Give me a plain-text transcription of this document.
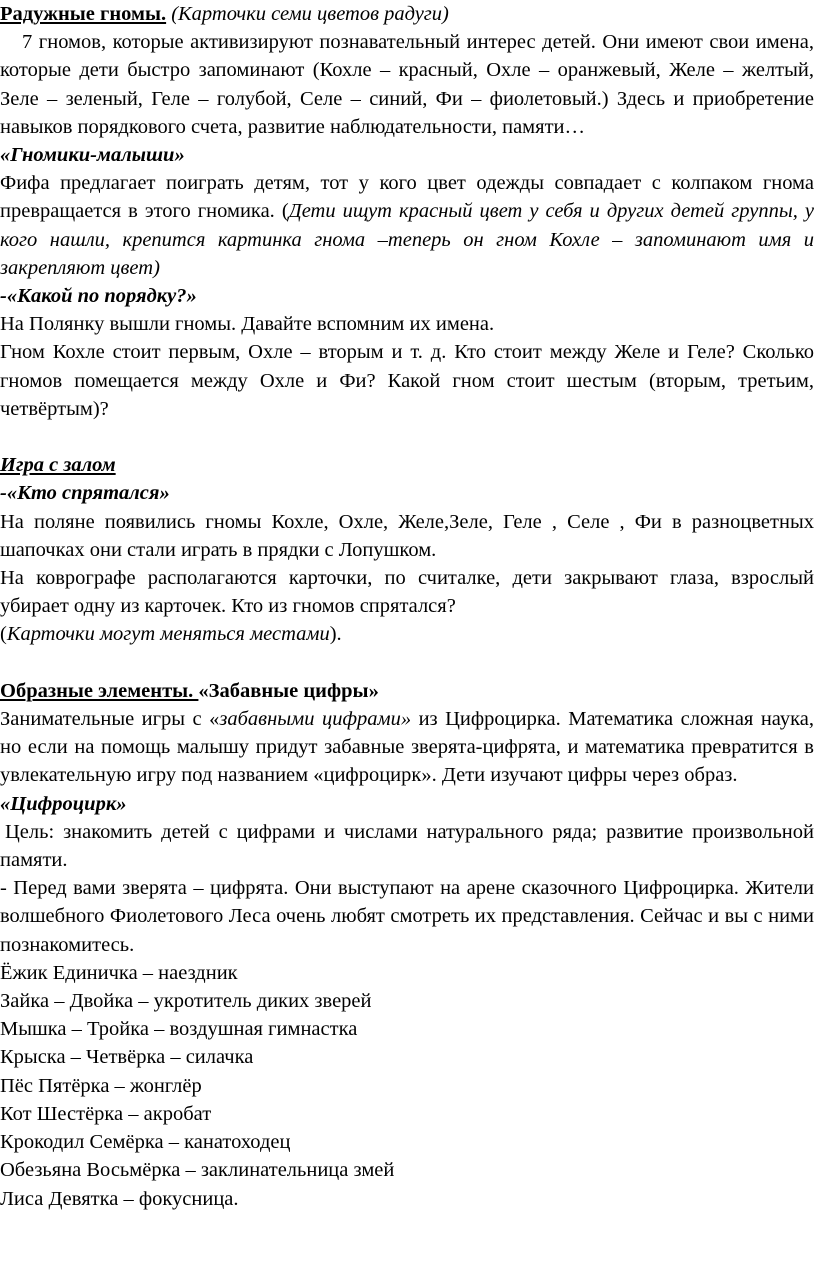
Радужные гномы. (Карточки семи цветов радуги)

7 гномов, которые активизируют познавательный интерес детей. Они имеют свои имена, которые дети быстро запоминают (Кохле – красный, Охле – оранжевый, Желе – желтый, Зеле – зеленый, Геле – голубой, Селе – синий, Фи – фиолетовый.) Здесь и приобретение навыков порядкового счета, развитие наблюдательности, памяти…

«Гномики-малыши»

Фифа предлагает поиграть детям, тот у кого цвет одежды совпадает с колпаком гнома превращается в этого гномика. (Дети ищут красный цвет у себя и других детей группы, у кого нашли, крепится картинка гнома –теперь он гном Кохле – запоминают имя и закрепляют цвет)

-«Какой по порядку?»

На Полянку вышли гномы. Давайте вспомним их имена.

Гном Кохле стоит первым, Охле – вторым и т. д. Кто стоит между Желе и Геле? Сколько гномов помещается между Охле и Фи? Какой гном стоит шестым (вторым, третьим, четвёртым)?

Игра с залом

-«Кто спрятался»

На поляне появились гномы Кохле, Охле, Желе,Зеле, Геле , Селе , Фи в разноцветных шапочках они стали играть в прядки с Лопушком.

На коврографе располагаются карточки, по считалке, дети закрывают глаза, взрослый убирает одну из карточек. Кто из гномов спрятался?

(Карточки могут меняться местами).

Образные элементы. «Забавные цифры»

Занимательные игры с «забавными цифрами» из Цифроцирка. Математика сложная наука, но если на помощь малышу придут забавные зверята-цифрята, и математика превратится в увлекательную игру под названием «цифроцирк». Дети изучают цифры через образ.

«Цифроцирк»

Цель: знакомить детей с цифрами и числами натурального ряда; развитие произвольной памяти.

- Перед вами зверята – цифрята. Они выступают на арене сказочного Цифроцирка. Жители волшебного Фиолетового Леса очень любят смотреть их представления. Сейчас и вы с ними познакомитесь.

Ёжик Единичка – наездник

Зайка – Двойка – укротитель диких зверей

Мышка – Тройка – воздушная гимнастка

Крыска – Четвёрка – силачка

Пёс Пятёрка – жонглёр

Кот Шестёрка – акробат

Крокодил Семёрка – канатоходец

Обезьяна Восьмёрка – заклинательница змей

Лиса Девятка – фокусница.
